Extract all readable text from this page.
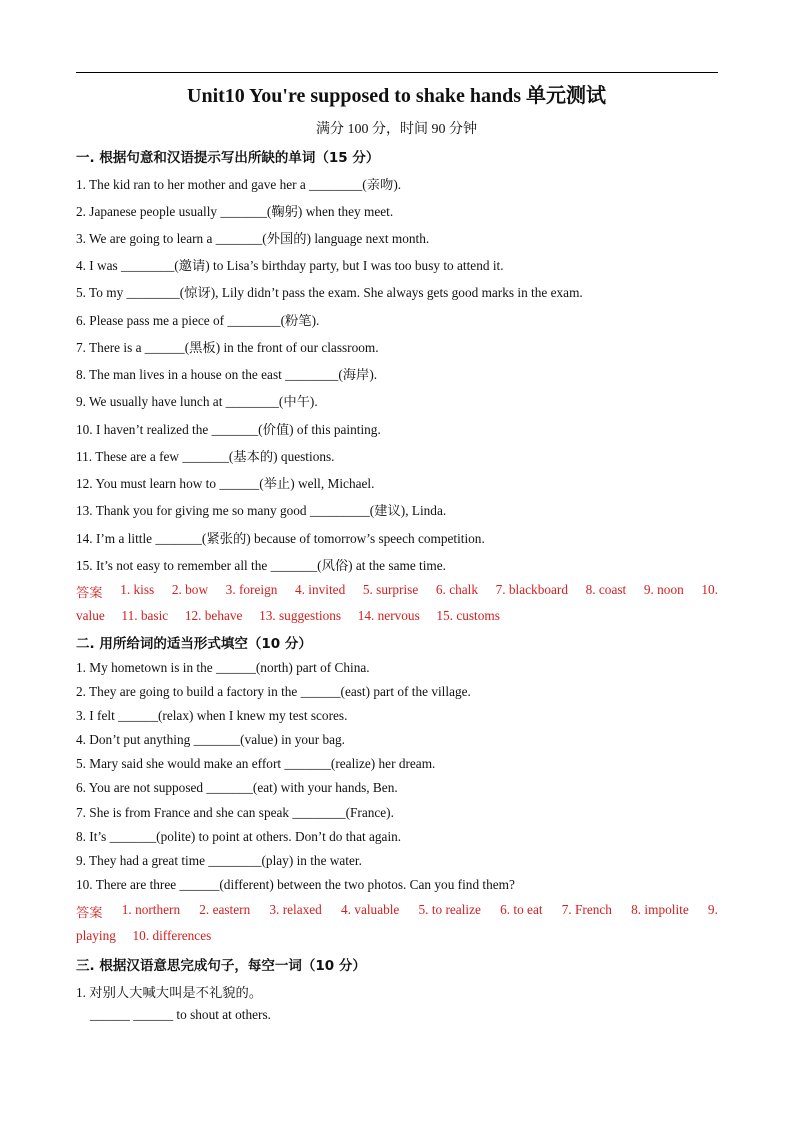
Unit10 You're supposed to shake hands 单元测试
满分 100 分，时间 90 分钟
一. 根据句意和汉语提示写出所缺的单词（15 分）
1. The kid ran to her mother and gave her a ________(亲吻).
2. Japanese people usually _______(鞠躬) when they meet.
3. We are going to learn a _______(外国的) language next month.
4. I was ________(邀请) to Lisa’s birthday party, but I was too busy to attend it.
5. To my ________(惊讶), Lily didn’t pass the exam. She always gets good marks in the exam.
6. Please pass me a piece of ________(粉笔).
7. There is a ______(黑板) in the front of our classroom.
8. The man lives in a house on the east ________(海岸).
9. We usually have lunch at ________(中午).
10. I haven’t realized the _______(价值) of this painting.
11. These are a few _______(基本的) questions.
12. You must learn how to ______(举止) well, Michael.
13. Thank you for giving me so many good _________(建议), Linda.
14. I’m a little _______(紧张的) because of tomorrow’s speech competition.
15. It’s not easy to remember all the _______(风俗) at the same time.
答案 1. kiss 2. bow 3. foreign 4. invited 5. surprise 6. chalk 7. blackboard 8. coast 9. noon 10.
value 11. basic 12. behave 13. suggestions 14. nervous 15. customs
二. 用所给词的适当形式填空（10 分）
1. My hometown is in the ______(north) part of China.
2. They are going to build a factory in the ______(east) part of the village.
3. I felt ______(relax) when I knew my test scores.
4. Don’t put anything _______(value) in your bag.
5. Mary said she would make an effort _______(realize) her dream.
6. You are not supposed _______(eat) with your hands, Ben.
7. She is from France and she can speak ________(France).
8. It’s _______(polite) to point at others. Don’t do that again.
9. They had a great time ________(play) in the water.
10. There are three ______(different) between the two photos. Can you find them?
答案 1. northern 2. eastern 3. relaxed 4. valuable 5. to realize 6. to eat 7. French 8. impolite 9.
playing 10. differences
三. 根据汉语意思完成句子，每空一词（10 分）
1. 对别人大喊大叫是不礼貌的。
______ ______ to shout at others.
